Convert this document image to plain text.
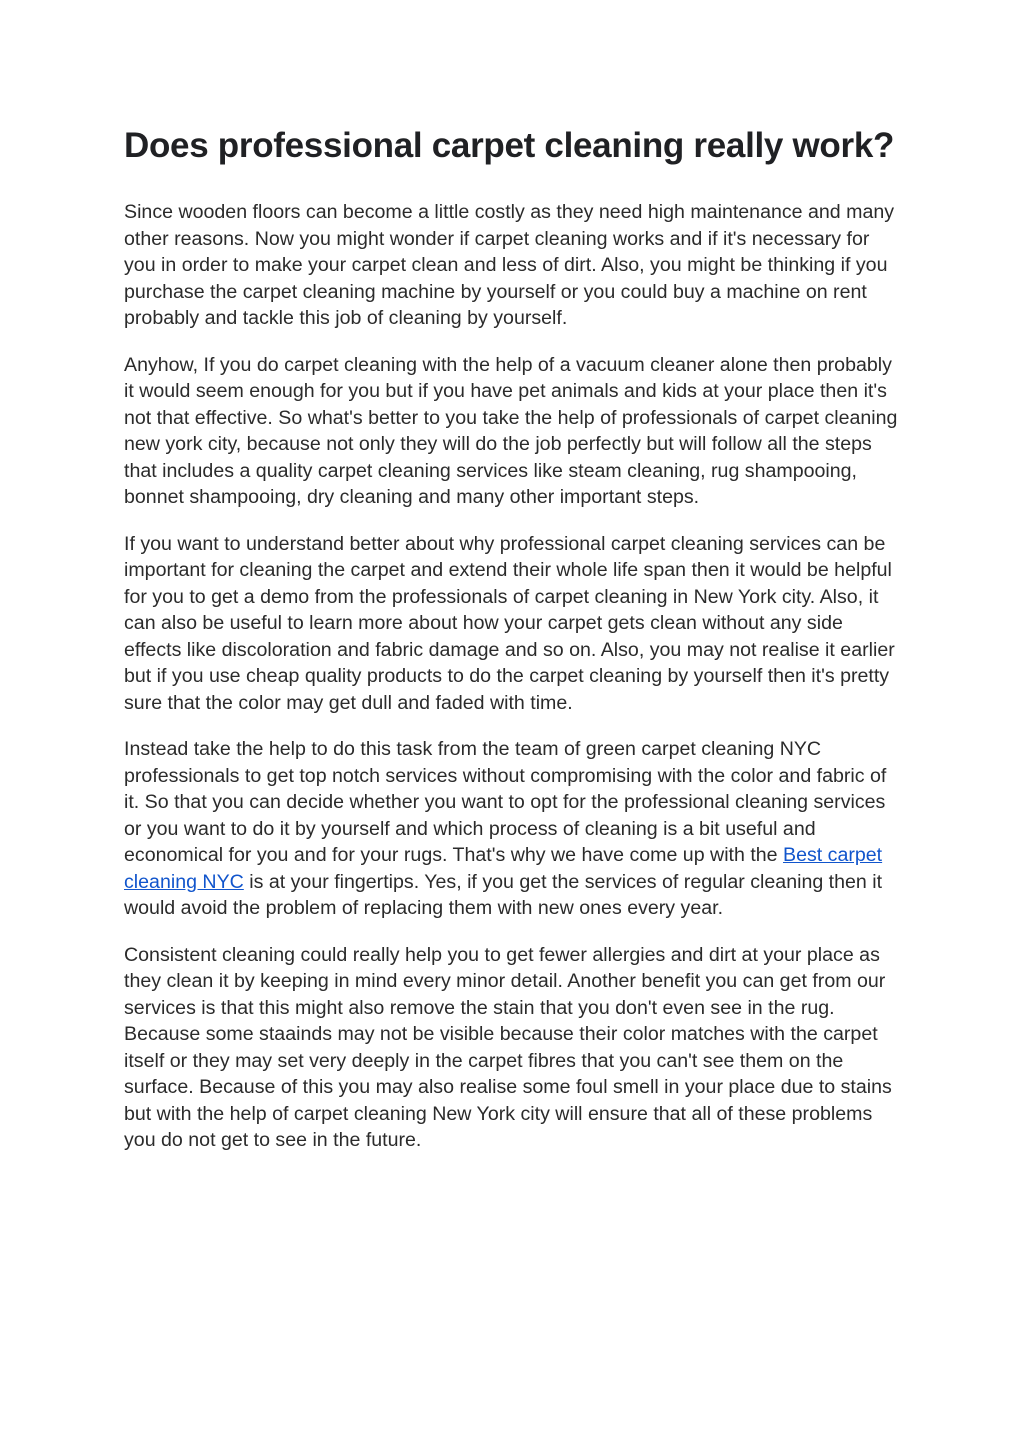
Does professional carpet cleaning really work?

Since wooden floors can become a little costly as they need high maintenance and many other reasons. Now you might wonder if carpet cleaning works and if it's necessary for you in order to make your carpet clean and less of dirt. Also, you might be thinking if you purchase the carpet cleaning machine by yourself or you could buy a machine on rent probably and tackle this job of cleaning by yourself.

Anyhow, If you do carpet cleaning with the help of a vacuum cleaner alone then probably it would seem enough for you but if you have pet animals and kids at your place then it's not that effective. So what's better to you take the help of professionals of carpet cleaning new york city, because not only they will do the job perfectly but will follow all the steps that includes a quality carpet cleaning services like steam cleaning, rug shampooing, bonnet shampooing, dry cleaning and many other important steps.

If you want to understand better about why professional carpet cleaning services can be important for cleaning the carpet and extend their whole life span then it would be helpful for you to get a demo from the professionals of carpet cleaning in New York city. Also, it can also be useful to learn more about how your carpet gets clean without any side effects like discoloration and fabric damage and so on. Also, you may not realise it earlier but if you use cheap quality products to do the carpet cleaning by yourself then it's pretty sure that the color may get dull and faded with time.

Instead take the help to do this task from the team of green carpet cleaning NYC professionals to get top notch services without compromising with the color and fabric of it. So that you can decide whether you want to opt for the professional cleaning services or you want to do it by yourself and which process of cleaning is a bit useful and economical for you and for your rugs. That's why we have come up with the Best carpet cleaning NYC is at your fingertips. Yes, if you get the services of regular cleaning then it would avoid the problem of replacing them with new ones every year.

Consistent cleaning could really help you to get fewer allergies and dirt at your place as they clean it by keeping in mind every minor detail. Another benefit you can get from our services is that this might also remove the stain that you don't even see in the rug. Because some staainds may not be visible because their color matches with the carpet itself or they may set very deeply in the carpet fibres that you can't see them on the surface. Because of this you may also realise some foul smell in your place due to stains but with the help of carpet cleaning New York city will ensure that all of these problems you do not get to see in the future.
